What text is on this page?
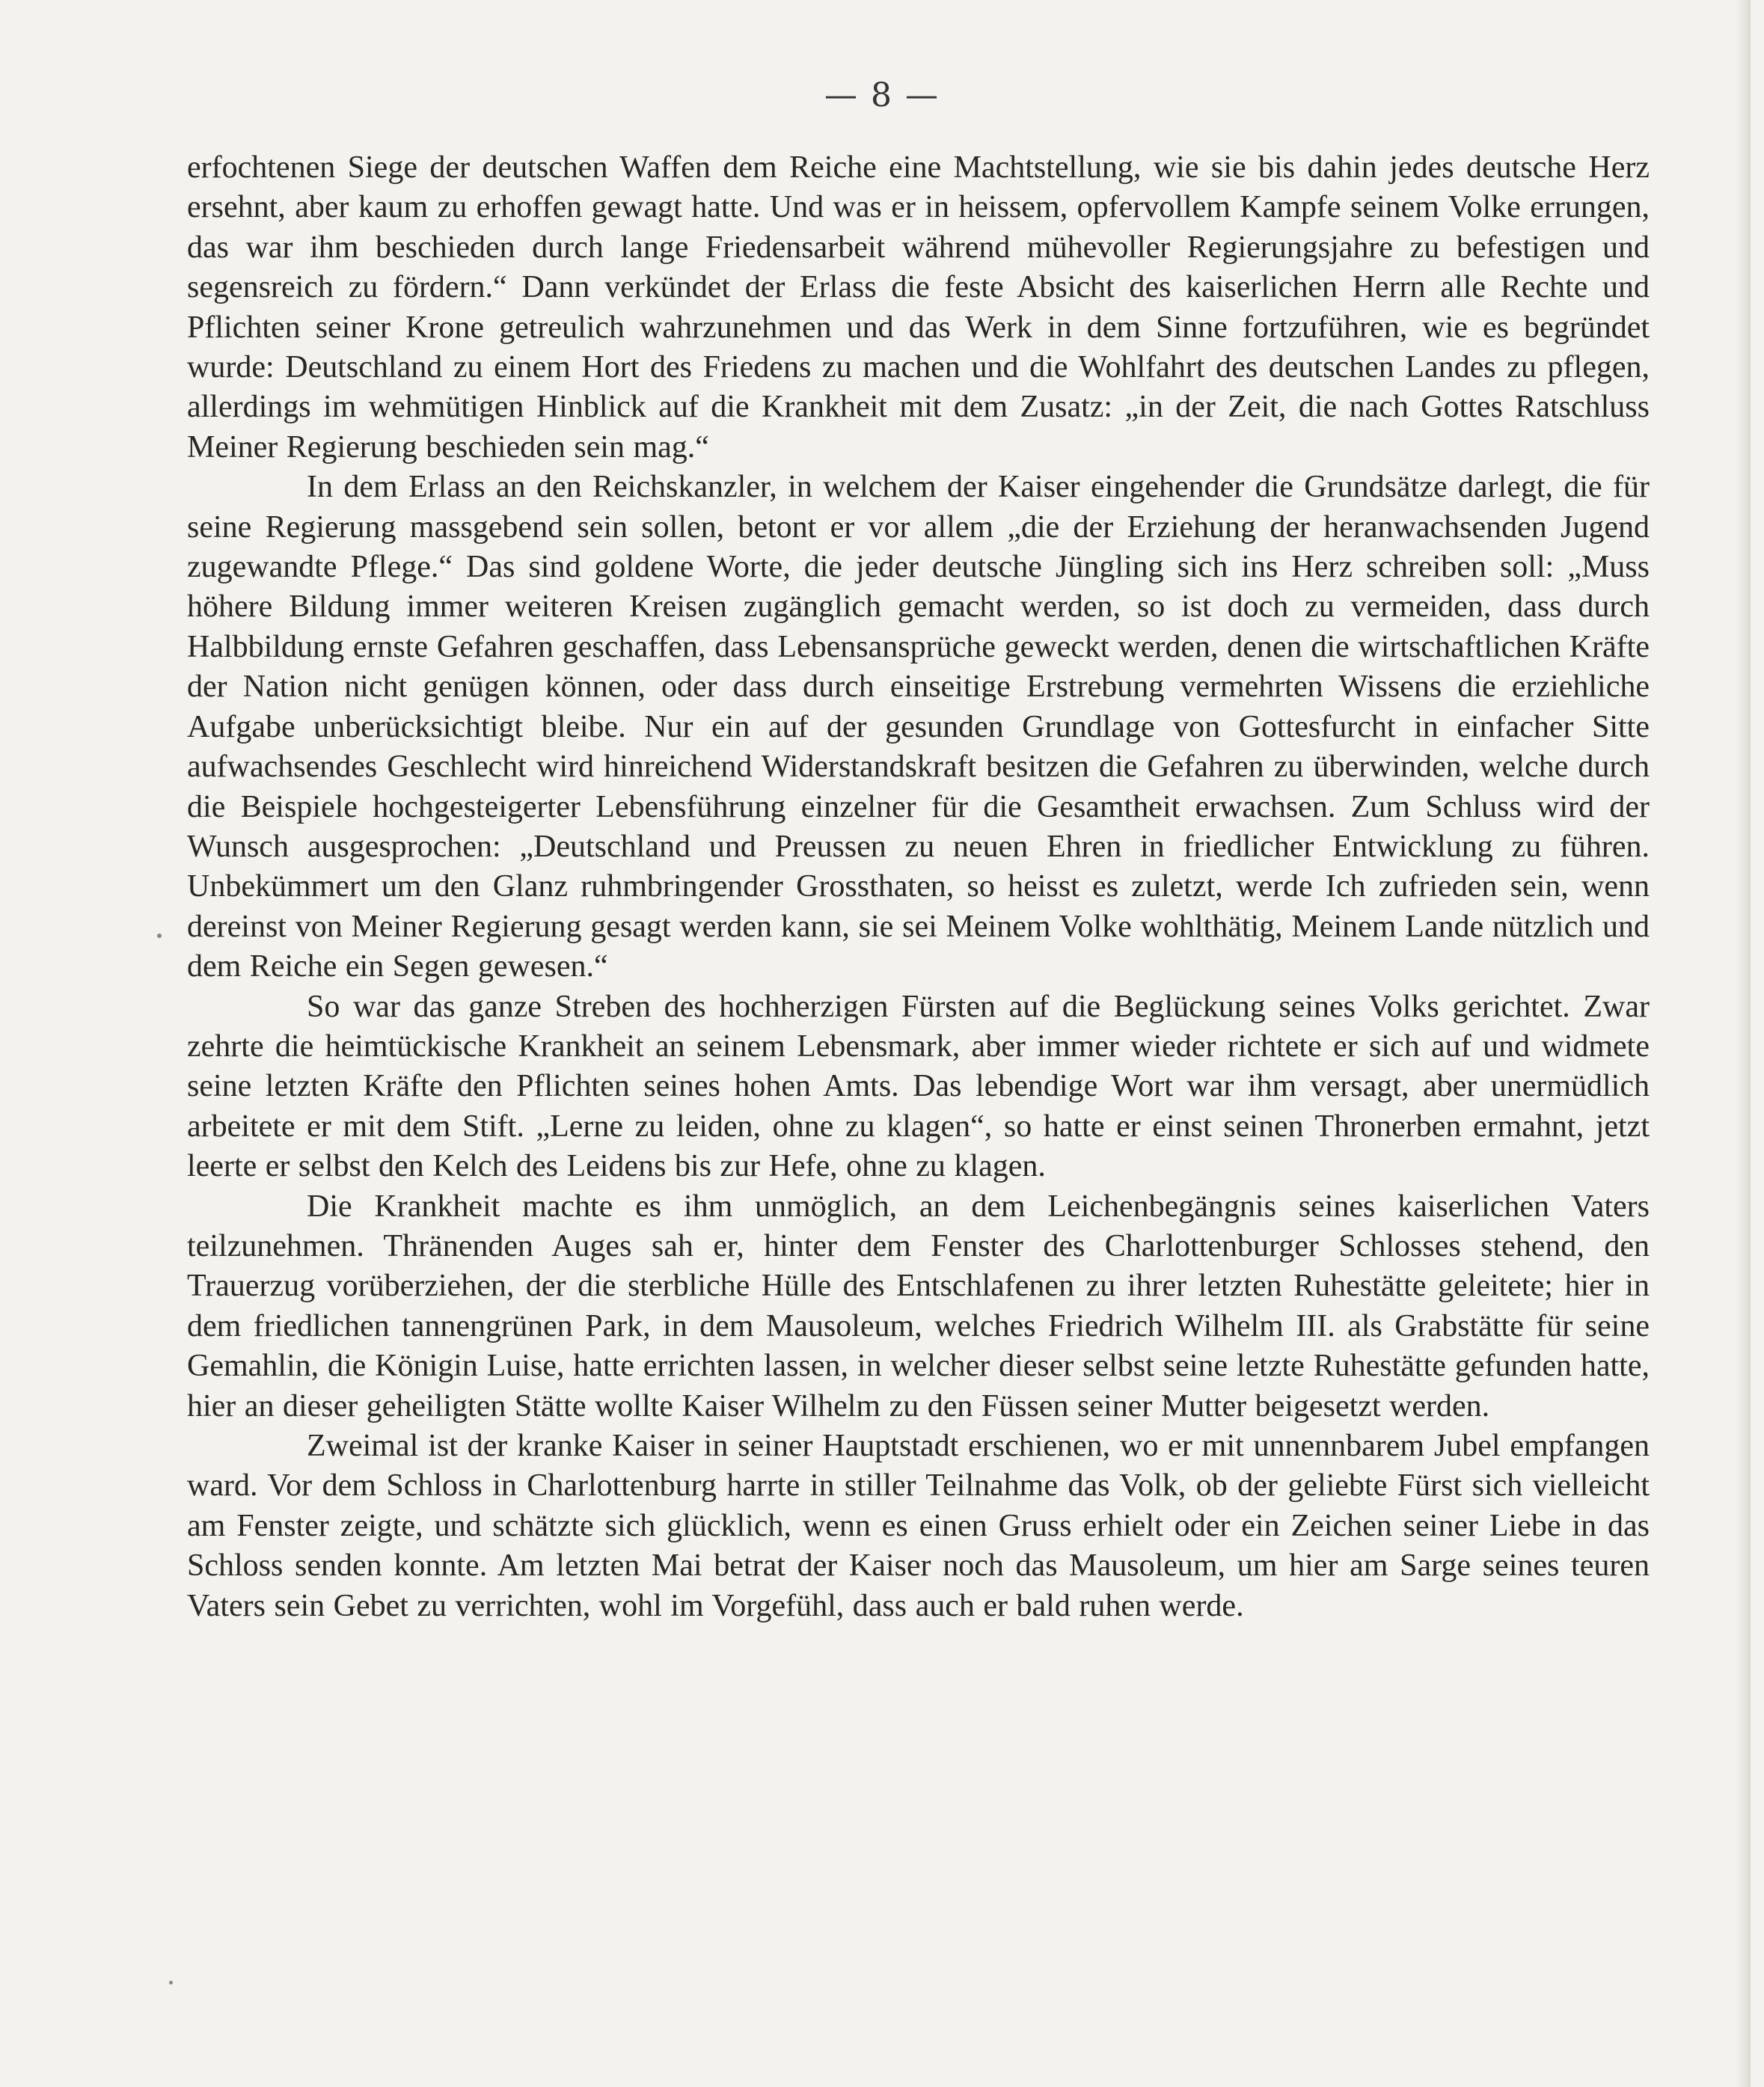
— 8 —

erfochtenen Siege der deutschen Waffen dem Reiche eine Machtstellung, wie sie bis dahin jedes deutsche Herz ersehnt, aber kaum zu erhoffen gewagt hatte. Und was er in heissem, opfervollem Kampfe seinem Volke errungen, das war ihm beschieden durch lange Friedensarbeit während mühevoller Regierungsjahre zu befestigen und segensreich zu fördern.“ Dann verkündet der Erlass die feste Absicht des kaiserlichen Herrn alle Rechte und Pflichten seiner Krone getreulich wahrzunehmen und das Werk in dem Sinne fortzuführen, wie es begründet wurde: Deutschland zu einem Hort des Friedens zu machen und die Wohlfahrt des deutschen Landes zu pflegen, allerdings im wehmütigen Hinblick auf die Krankheit mit dem Zusatz: „in der Zeit, die nach Gottes Ratschluss Meiner Regierung beschieden sein mag.“

In dem Erlass an den Reichskanzler, in welchem der Kaiser eingehender die Grundsätze darlegt, die für seine Regierung massgebend sein sollen, betont er vor allem „die der Erziehung der heranwachsenden Jugend zugewandte Pflege.“ Das sind goldene Worte, die jeder deutsche Jüngling sich ins Herz schreiben soll: „Muss höhere Bildung immer weiteren Kreisen zugänglich gemacht werden, so ist doch zu vermeiden, dass durch Halbbildung ernste Gefahren geschaffen, dass Lebensansprüche geweckt werden, denen die wirtschaftlichen Kräfte der Nation nicht genügen können, oder dass durch einseitige Erstrebung vermehrten Wissens die erziehliche Aufgabe unberücksichtigt bleibe. Nur ein auf der gesunden Grundlage von Gottesfurcht in einfacher Sitte aufwachsendes Geschlecht wird hinreichend Widerstandskraft besitzen die Gefahren zu überwinden, welche durch die Beispiele hochgesteigerter Lebensführung einzelner für die Gesamtheit erwachsen. Zum Schluss wird der Wunsch ausgesprochen: „Deutschland und Preussen zu neuen Ehren in friedlicher Entwicklung zu führen. Unbekümmert um den Glanz ruhmbringender Grossthaten, so heisst es zuletzt, werde Ich zufrieden sein, wenn dereinst von Meiner Regierung gesagt werden kann, sie sei Meinem Volke wohlthätig, Meinem Lande nützlich und dem Reiche ein Segen gewesen.“

So war das ganze Streben des hochherzigen Fürsten auf die Beglückung seines Volks gerichtet. Zwar zehrte die heimtückische Krankheit an seinem Lebensmark, aber immer wieder richtete er sich auf und widmete seine letzten Kräfte den Pflichten seines hohen Amts. Das lebendige Wort war ihm versagt, aber unermüdlich arbeitete er mit dem Stift. „Lerne zu leiden, ohne zu klagen“, so hatte er einst seinen Thronerben ermahnt, jetzt leerte er selbst den Kelch des Leidens bis zur Hefe, ohne zu klagen.

Die Krankheit machte es ihm unmöglich, an dem Leichenbegängnis seines kaiserlichen Vaters teilzunehmen. Thränenden Auges sah er, hinter dem Fenster des Charlottenburger Schlosses stehend, den Trauerzug vorüberziehen, der die sterbliche Hülle des Entschlafenen zu ihrer letzten Ruhestätte geleitete; hier in dem friedlichen tannengrünen Park, in dem Mausoleum, welches Friedrich Wilhelm III. als Grabstätte für seine Gemahlin, die Königin Luise, hatte errichten lassen, in welcher dieser selbst seine letzte Ruhestätte gefunden hatte, hier an dieser geheiligten Stätte wollte Kaiser Wilhelm zu den Füssen seiner Mutter beigesetzt werden.

Zweimal ist der kranke Kaiser in seiner Hauptstadt erschienen, wo er mit unnennbarem Jubel empfangen ward. Vor dem Schloss in Charlottenburg harrte in stiller Teilnahme das Volk, ob der geliebte Fürst sich vielleicht am Fenster zeigte, und schätzte sich glücklich, wenn es einen Gruss erhielt oder ein Zeichen seiner Liebe in das Schloss senden konnte. Am letzten Mai betrat der Kaiser noch das Mausoleum, um hier am Sarge seines teuren Vaters sein Gebet zu verrichten, wohl im Vorgefühl, dass auch er bald ruhen werde.
